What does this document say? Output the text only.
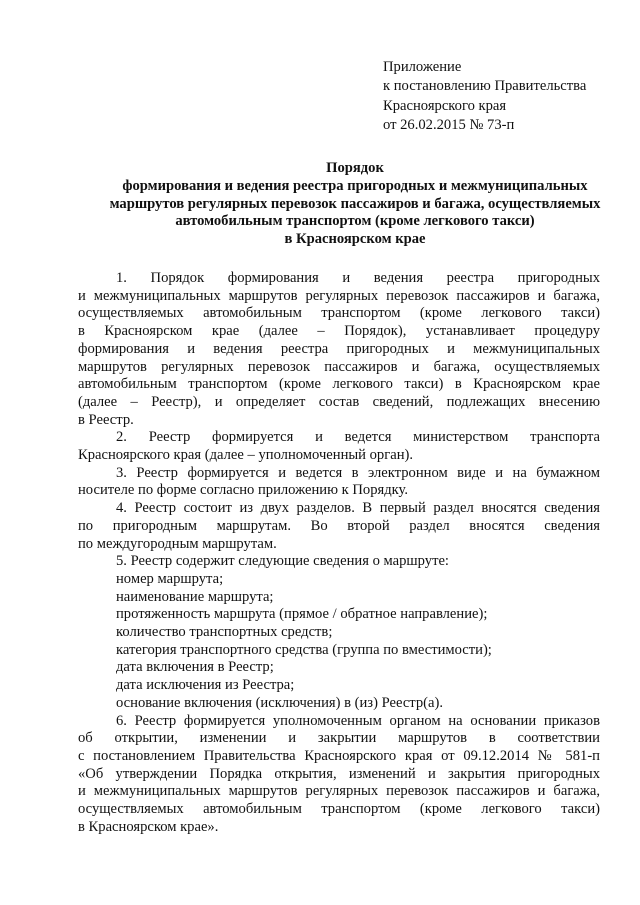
Приложение
к постановлению Правительства
Красноярского края
от 26.02.2015 № 73-п
Порядок
формирования и ведения реестра пригородных и межмуниципальных
маршрутов регулярных перевозок пассажиров и багажа, осуществляемых
автомобильным транспортом (кроме легкового такси)
в Красноярском крае
1. Порядок формирования и ведения реестра пригородных
и межмуниципальных маршрутов регулярных перевозок пассажиров и багажа,
осуществляемых автомобильным транспортом (кроме легкового такси)
в Красноярском крае (далее – Порядок), устанавливает процедуру
формирования и ведения реестра пригородных и межмуниципальных
маршрутов регулярных перевозок пассажиров и багажа, осуществляемых
автомобильным транспортом (кроме легкового такси) в Красноярском крае
(далее – Реестр), и определяет состав сведений, подлежащих внесению
в Реестр.
2. Реестр формируется и ведется министерством транспорта
Красноярского края (далее – уполномоченный орган).
3. Реестр формируется и ведется в электронном виде и на бумажном
носителе по форме согласно приложению к Порядку.
4. Реестр состоит из двух разделов. В первый раздел вносятся сведения
по пригородным маршрутам. Во второй раздел вносятся сведения
по междугородным маршрутам.
5. Реестр содержит следующие сведения о маршруте:
номер маршрута;
наименование маршрута;
протяженность маршрута (прямое / обратное направление);
количество транспортных средств;
категория транспортного средства (группа по вместимости);
дата включения в Реестр;
дата исключения из Реестра;
основание включения (исключения) в (из) Реестр(а).
6. Реестр формируется уполномоченным органом на основании приказов
об открытии, изменении и закрытии маршрутов в соответствии
с постановлением Правительства Красноярского края от 09.12.2014 № 581-п
«Об утверждении Порядка открытия, изменений и закрытия пригородных
и межмуниципальных маршрутов регулярных перевозок пассажиров и багажа,
осуществляемых автомобильным транспортом (кроме легкового такси)
в Красноярском крае».
